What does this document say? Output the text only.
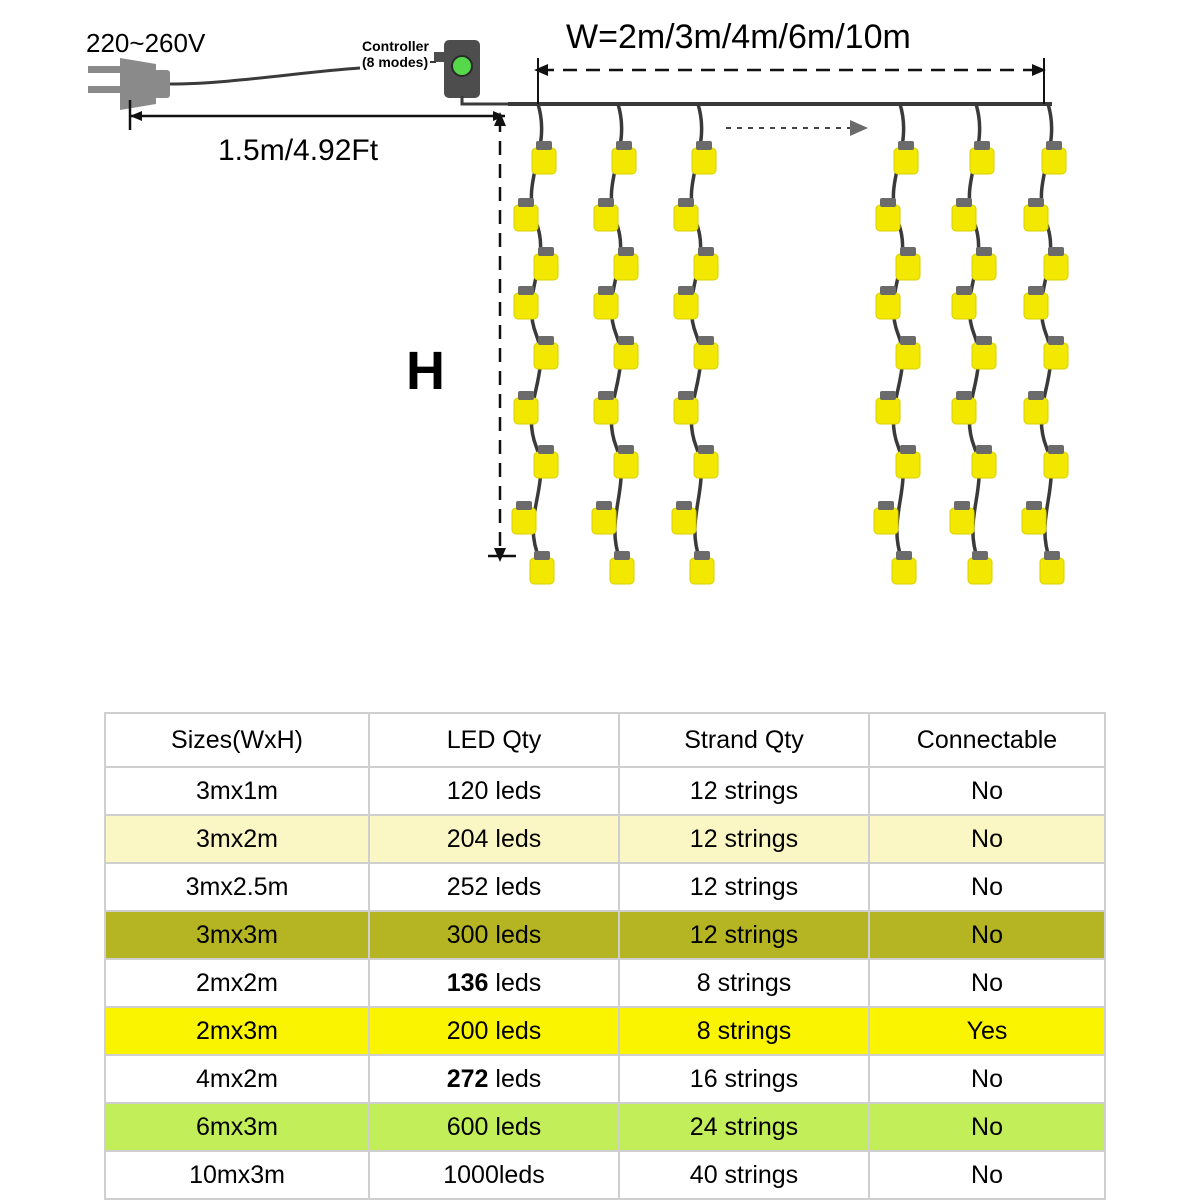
220~260V	Controller
(8 modes)
W=2m/3m/4m/6m/10m
1.5m/4.92Ft
H
Sizes(WxH)	LED Qty	Strand Qty	Connectable
3mx1m	120 leds	12 strings	No
3mx2m	204 leds	12 strings	No
3mx2.5m	252 leds	12 strings	No
3mx3m	300 leds	12 strings	No
2mx2m	136 leds	8 strings	No
2mx3m	200 leds	8 strings	Yes
4mx2m	272 leds	16 strings	No
6mx3m	600 leds	24 strings	No
10mx3m	1000leds	40 strings	No
